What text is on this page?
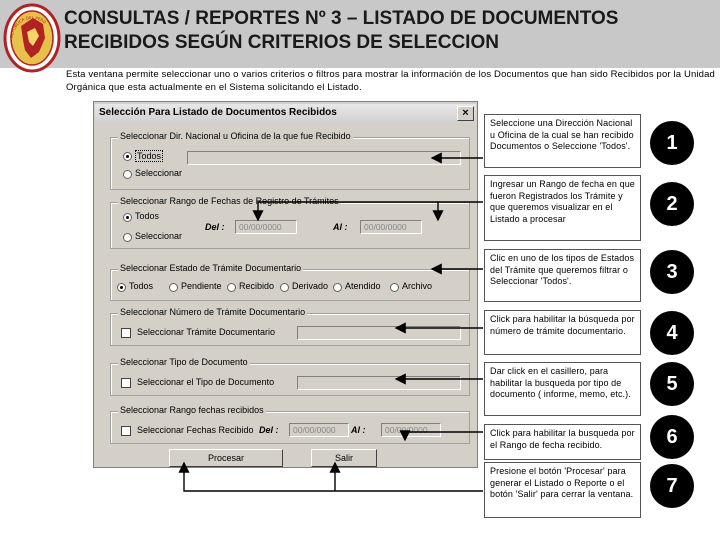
REPÚBLICA DEL PERÚ CONSULTAS / REPORTES Nº 3 – LISTADO DE DOCUMENTOS
RECIBIDOS SEGÚN CRITERIOS DE SELECCION
Esta ventana permite seleccionar uno o varios criterios o filtros para mostrar la información de los Documentos que han sido Recibidos por la Unidad Orgánica que esta actualmente en el Sistema solicitando el Listado.
Selección Para Listado de Documentos Recibidos	×
Seleccionar Dir. Nacional u Oficina de la que fue Recibido
Todos
Seleccionar
Seleccionar Rango de Fechas de Registro de Trámites
Todos
Seleccionar
Del :	00/00/0000	Al :	00/00/0000
Seleccionar Estado de Trámite Documentario
Todos	Pendiente Recibido Derivado Atendido Archivo
Seleccionar Número de Trámite Documentario
Seleccionar Trámite Documentario
Seleccionar Tipo de Documento
Seleccionar el Tipo de Documento
Seleccionar Rango fechas recibidos
Seleccionar Fechas Recibido Del :	00/00/0000	Al :	00/00/0000
Procesar	Salir
Seleccione una Dirección Nacional u Oficina de la cual se han recibido Documentos o Seleccione 'Todos'.
Ingresar un Rango de fecha en que fueron Registrados los Trámite y que queremos visualizar en el Listado a procesar
Clic en uno de los tipos de Estados del Trámite que queremos filtrar o Seleccionar 'Todos'.
Click para habilitar la búsqueda por número de trámite documentario.
Dar click en el casillero, para habilitar la busqueda por tipo de documento ( informe, memo, etc.).
Click para habilitar la busqueda por el Rango de fecha recibido.
Presione el botón 'Procesar' para generar el Listado o Reporte o el botón 'Salir' para cerrar la ventana.
1
2
3
4
5
6
7
